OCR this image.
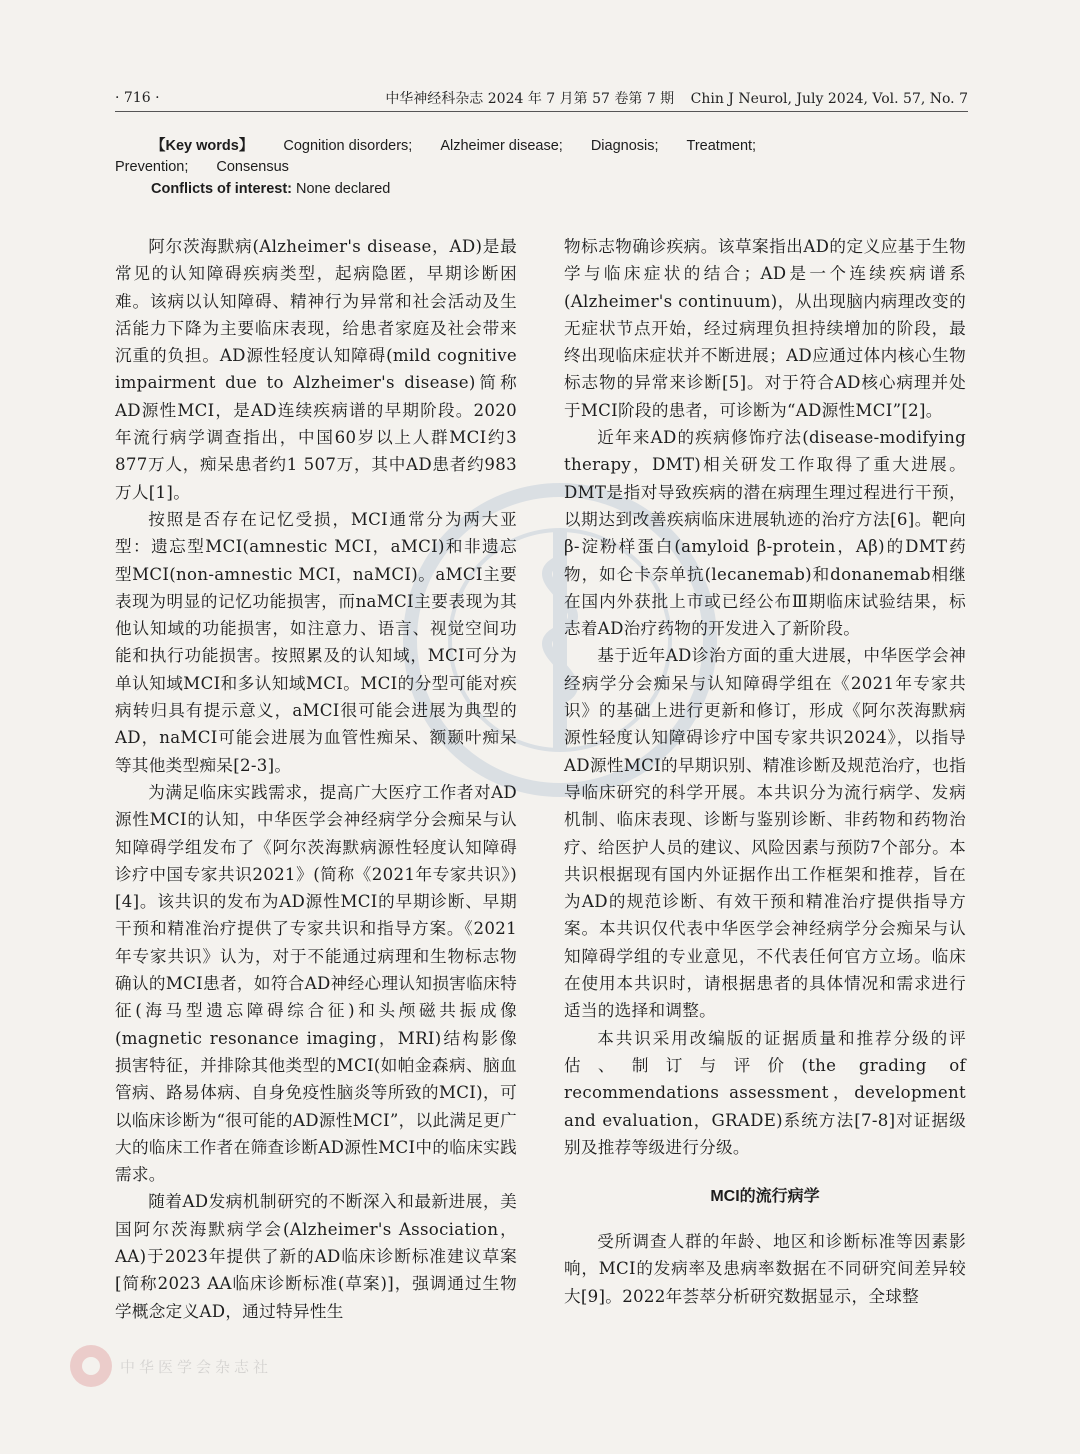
· 716 ·	中华神经科杂志 2024 年 7 月第 57 卷第 7 期 Chin J Neurol, July 2024, Vol. 57, No. 7
【Key words】 Cognition disorders; Alzheimer disease; Diagnosis; Treatment;
Prevention; Consensus
Conflicts of interest: None declared

阿尔茨海默病(Alzheimer's disease，AD)是最常见的认知障碍疾病类型，起病隐匿，早期诊断困难。该病以认知障碍、精神行为异常和社会活动及生活能力下降为主要临床表现，给患者家庭及社会带来沉重的负担。AD源性轻度认知障碍(mild cognitive impairment due to Alzheimer's disease)简称AD源性MCI，是AD连续疾病谱的早期阶段。2020年流行病学调查指出，中国60岁以上人群MCI约3 877万人，痴呆患者约1 507万，其中AD患者约983万人[1]。

按照是否存在记忆受损，MCI通常分为两大亚型：遗忘型MCI(amnestic MCI，aMCI)和非遗忘型MCI(non-amnestic MCI，naMCI)。aMCI主要表现为明显的记忆功能损害，而naMCI主要表现为其他认知域的功能损害，如注意力、语言、视觉空间功能和执行功能损害。按照累及的认知域，MCI可分为单认知域MCI和多认知域MCI。MCI的分型可能对疾病转归具有提示意义，aMCI很可能会进展为典型的AD，naMCI可能会进展为血管性痴呆、额颞叶痴呆等其他类型痴呆[2-3]。

为满足临床实践需求，提高广大医疗工作者对AD源性MCI的认知，中华医学会神经病学分会痴呆与认知障碍学组发布了《阿尔茨海默病源性轻度认知障碍诊疗中国专家共识2021》(简称《2021年专家共识》)[4]。该共识的发布为AD源性MCI的早期诊断、早期干预和精准治疗提供了专家共识和指导方案。《2021年专家共识》认为，对于不能通过病理和生物标志物确认的MCI患者，如符合AD神经心理认知损害临床特征(海马型遗忘障碍综合征)和头颅磁共振成像(magnetic resonance imaging，MRI)结构影像损害特征，并排除其他类型的MCI(如帕金森病、脑血管病、路易体病、自身免疫性脑炎等所致的MCI)，可以临床诊断为“很可能的AD源性MCI”，以此满足更广大的临床工作者在筛查诊断AD源性MCI中的临床实践需求。

随着AD发病机制研究的不断深入和最新进展，美国阿尔茨海默病学会(Alzheimer's Association，AA)于2023年提供了新的AD临床诊断标准建议草案[简称2023 AA临床诊断标准(草案)]，强调通过生物学概念定义AD，通过特异性生

物标志物确诊疾病。该草案指出AD的定义应基于生物学与临床症状的结合；AD是一个连续疾病谱系(Alzheimer's continuum)，从出现脑内病理改变的无症状节点开始，经过病理负担持续增加的阶段，最终出现临床症状并不断进展；AD应通过体内核心生物标志物的异常来诊断[5]。对于符合AD核心病理并处于MCI阶段的患者，可诊断为“AD源性MCI”[2]。

近年来AD的疾病修饰疗法(disease-modifying therapy，DMT)相关研发工作取得了重大进展。DMT是指对导致疾病的潜在病理生理过程进行干预，以期达到改善疾病临床进展轨迹的治疗方法[6]。靶向β-淀粉样蛋白(amyloid β-protein，Aβ)的DMT药物，如仑卡奈单抗(lecanemab)和donanemab相继在国内外获批上市或已经公布Ⅲ期临床试验结果，标志着AD治疗药物的开发进入了新阶段。

基于近年AD诊治方面的重大进展，中华医学会神经病学分会痴呆与认知障碍学组在《2021年专家共识》的基础上进行更新和修订，形成《阿尔茨海默病源性轻度认知障碍诊疗中国专家共识2024》，以指导AD源性MCI的早期识别、精准诊断及规范治疗，也指导临床研究的科学开展。本共识分为流行病学、发病机制、临床表现、诊断与鉴别诊断、非药物和药物治疗、给医护人员的建议、风险因素与预防7个部分。本共识根据现有国内外证据作出工作框架和推荐，旨在为AD的规范诊断、有效干预和精准治疗提供指导方案。本共识仅代表中华医学会神经病学分会痴呆与认知障碍学组的专业意见，不代表任何官方立场。临床在使用本共识时，请根据患者的具体情况和需求进行适当的选择和调整。

本共识采用改编版的证据质量和推荐分级的评估、制订与评价(the grading of recommendations assessment，development and evaluation，GRADE)系统方法[7-8]对证据级别及推荐等级进行分级。

MCI的流行病学

受所调查人群的年龄、地区和诊断标准等因素影响，MCI的发病率及患病率数据在不同研究间差异较大[9]。2022年荟萃分析研究数据显示，全球整

中华医学会杂志社
